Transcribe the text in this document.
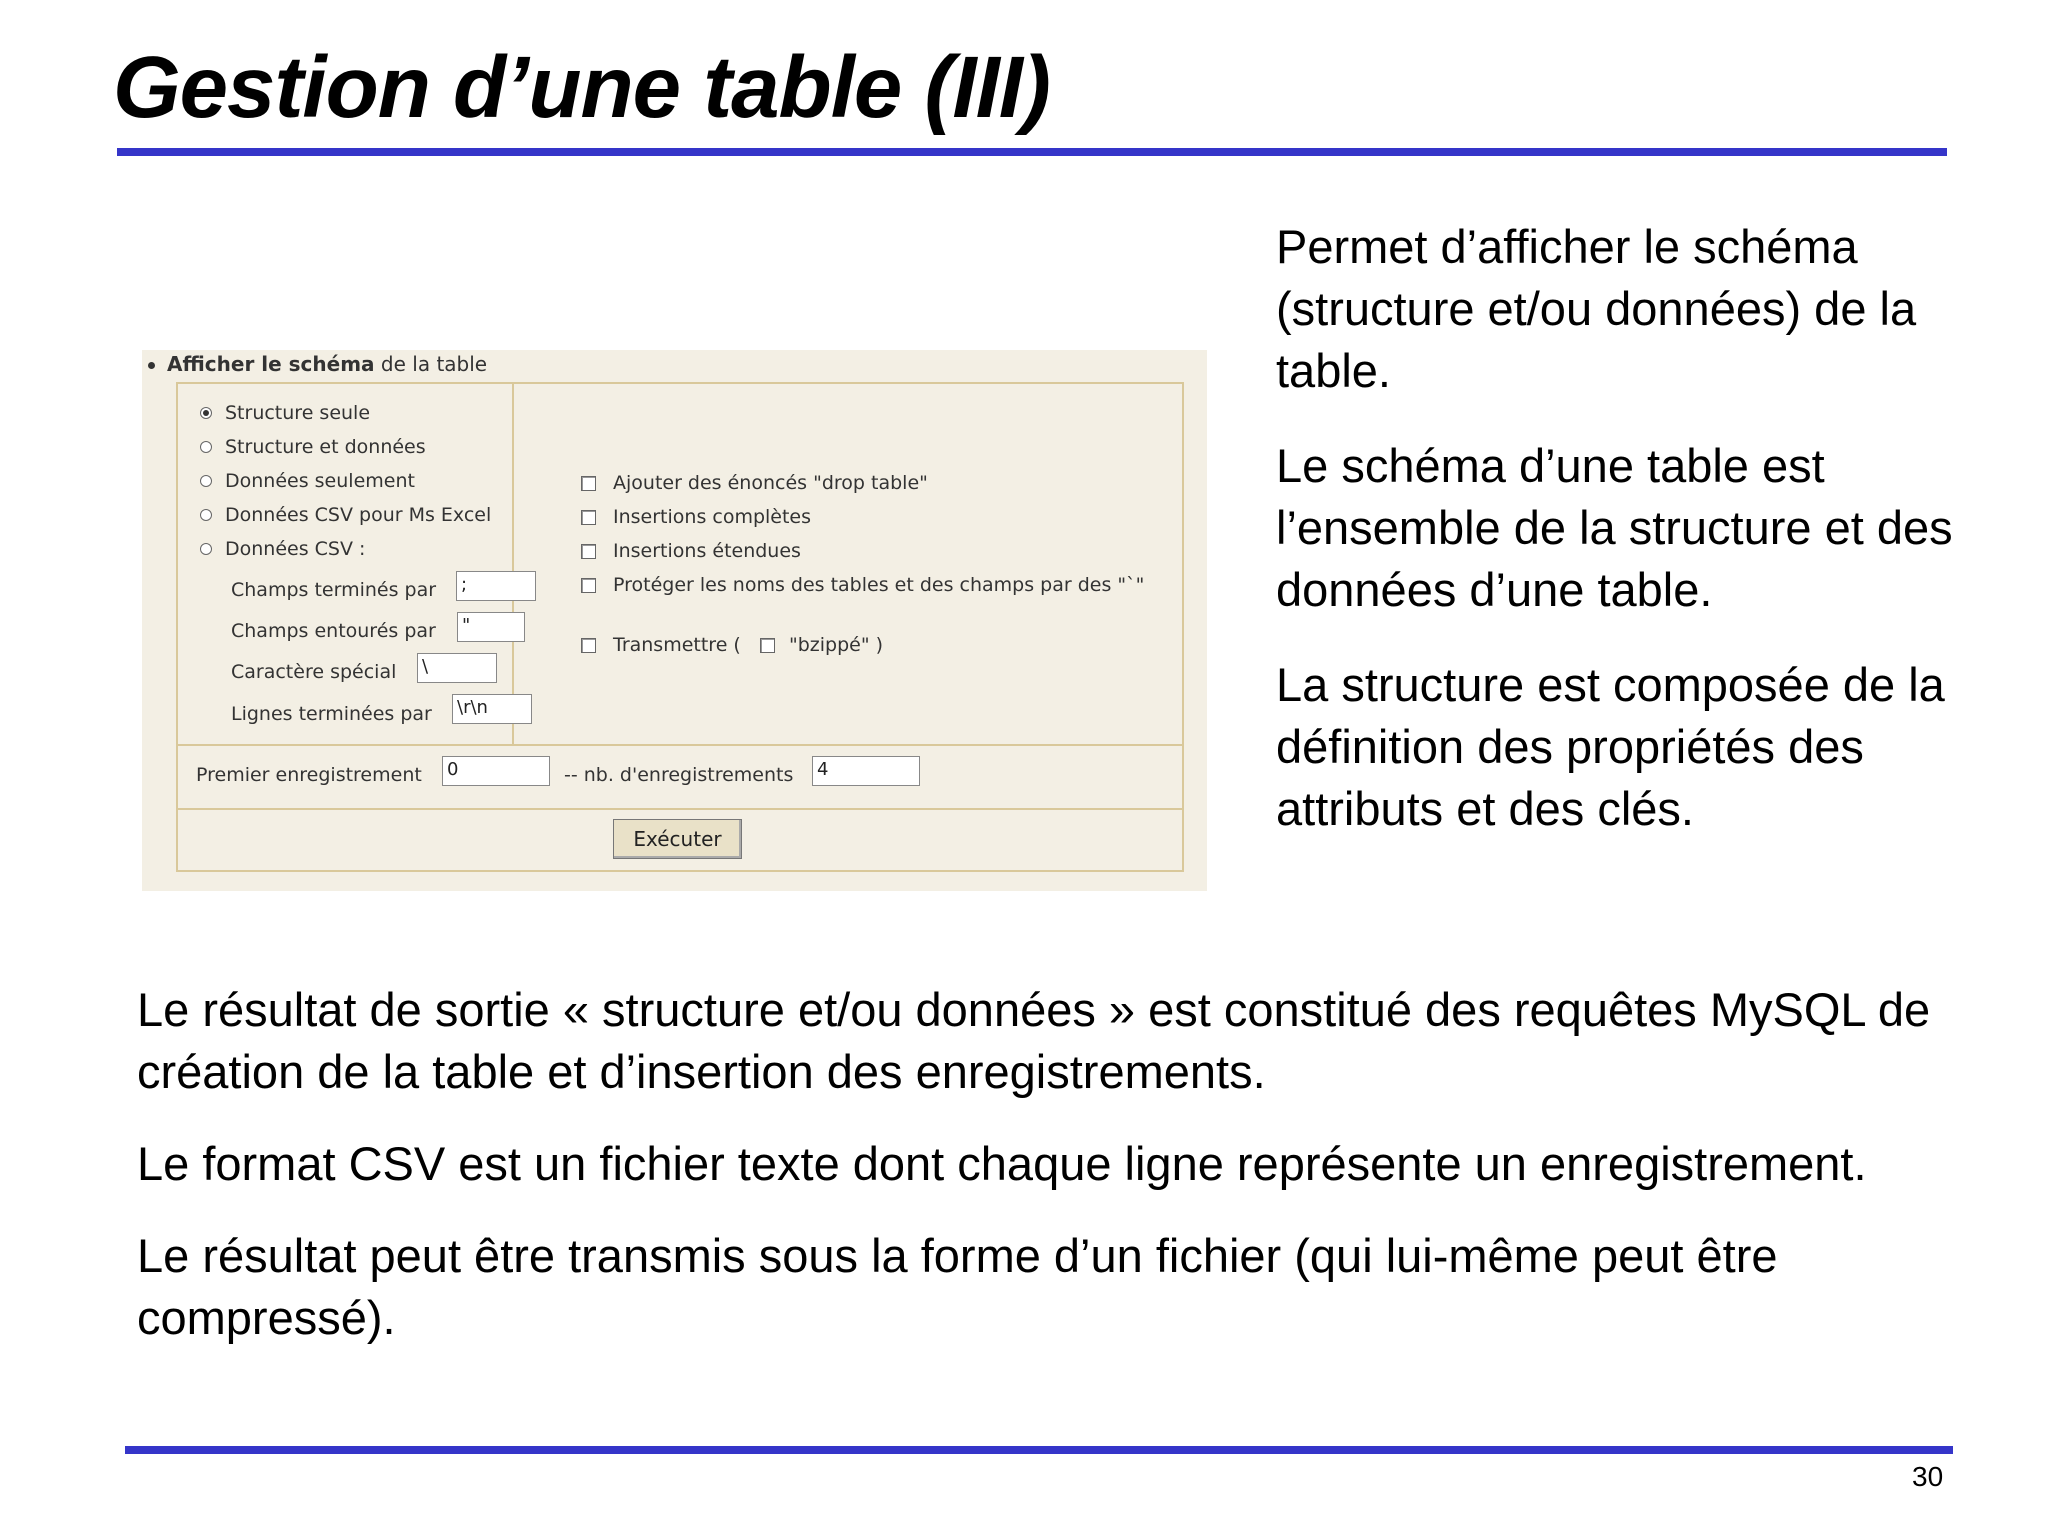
Gestion d’une table (III)
Afficher le schéma de la table
Structure seule
Structure et données
Données seulement
Données CSV pour Ms Excel
Données CSV :
Champs terminés par ;
Champs entourés par "
Caractère spécial \
Lignes terminées par \r\n
Ajouter des énoncés "drop table"
Insertions complètes
Insertions étendues
Protéger les noms des tables et des champs par des "`"
Transmettre (	"bzippé" )
Premier enregistrement 0	-- nb. d'enregistrements 4
Exécuter

Permet d’afficher le schéma (structure et/ou données) de la table.

Le schéma d’une table est l’ensemble de la structure et des données d’une table.

La structure est composée de la définition des propriétés des attributs et des clés.

Le résultat de sortie « structure et/ou données » est constitué des requêtes MySQL de création de la table et d’insertion des enregistrements.

Le format CSV est un fichier texte dont chaque ligne représente un enregistrement.

Le résultat peut être transmis sous la forme d’un fichier (qui lui-même peut être compressé).

30
